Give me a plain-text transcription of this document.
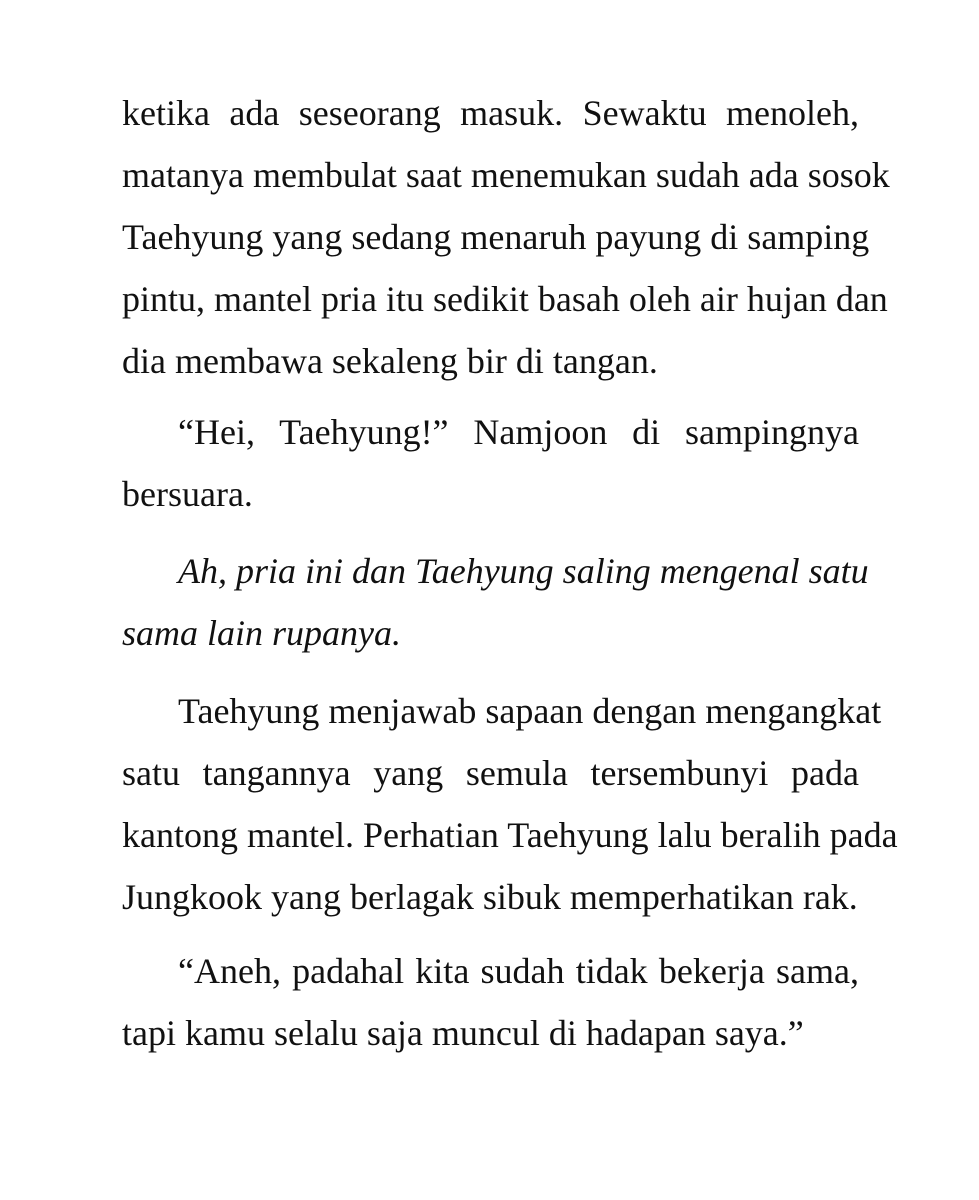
ketika ada seseorang masuk. Sewaktu menoleh,
matanya membulat saat menemukan sudah ada sosok
Taehyung yang sedang menaruh payung di samping
pintu, mantel pria itu sedikit basah oleh air hujan dan
dia membawa sekaleng bir di tangan.
“Hei, Taehyung!” Namjoon di sampingnya
bersuara.
Ah, pria ini dan Taehyung saling mengenal satu
sama lain rupanya.
Taehyung menjawab sapaan dengan mengangkat
satu tangannya yang semula tersembunyi pada
kantong mantel. Perhatian Taehyung lalu beralih pada
Jungkook yang berlagak sibuk memperhatikan rak.
“Aneh, padahal kita sudah tidak bekerja sama,
tapi kamu selalu saja muncul di hadapan saya.”
